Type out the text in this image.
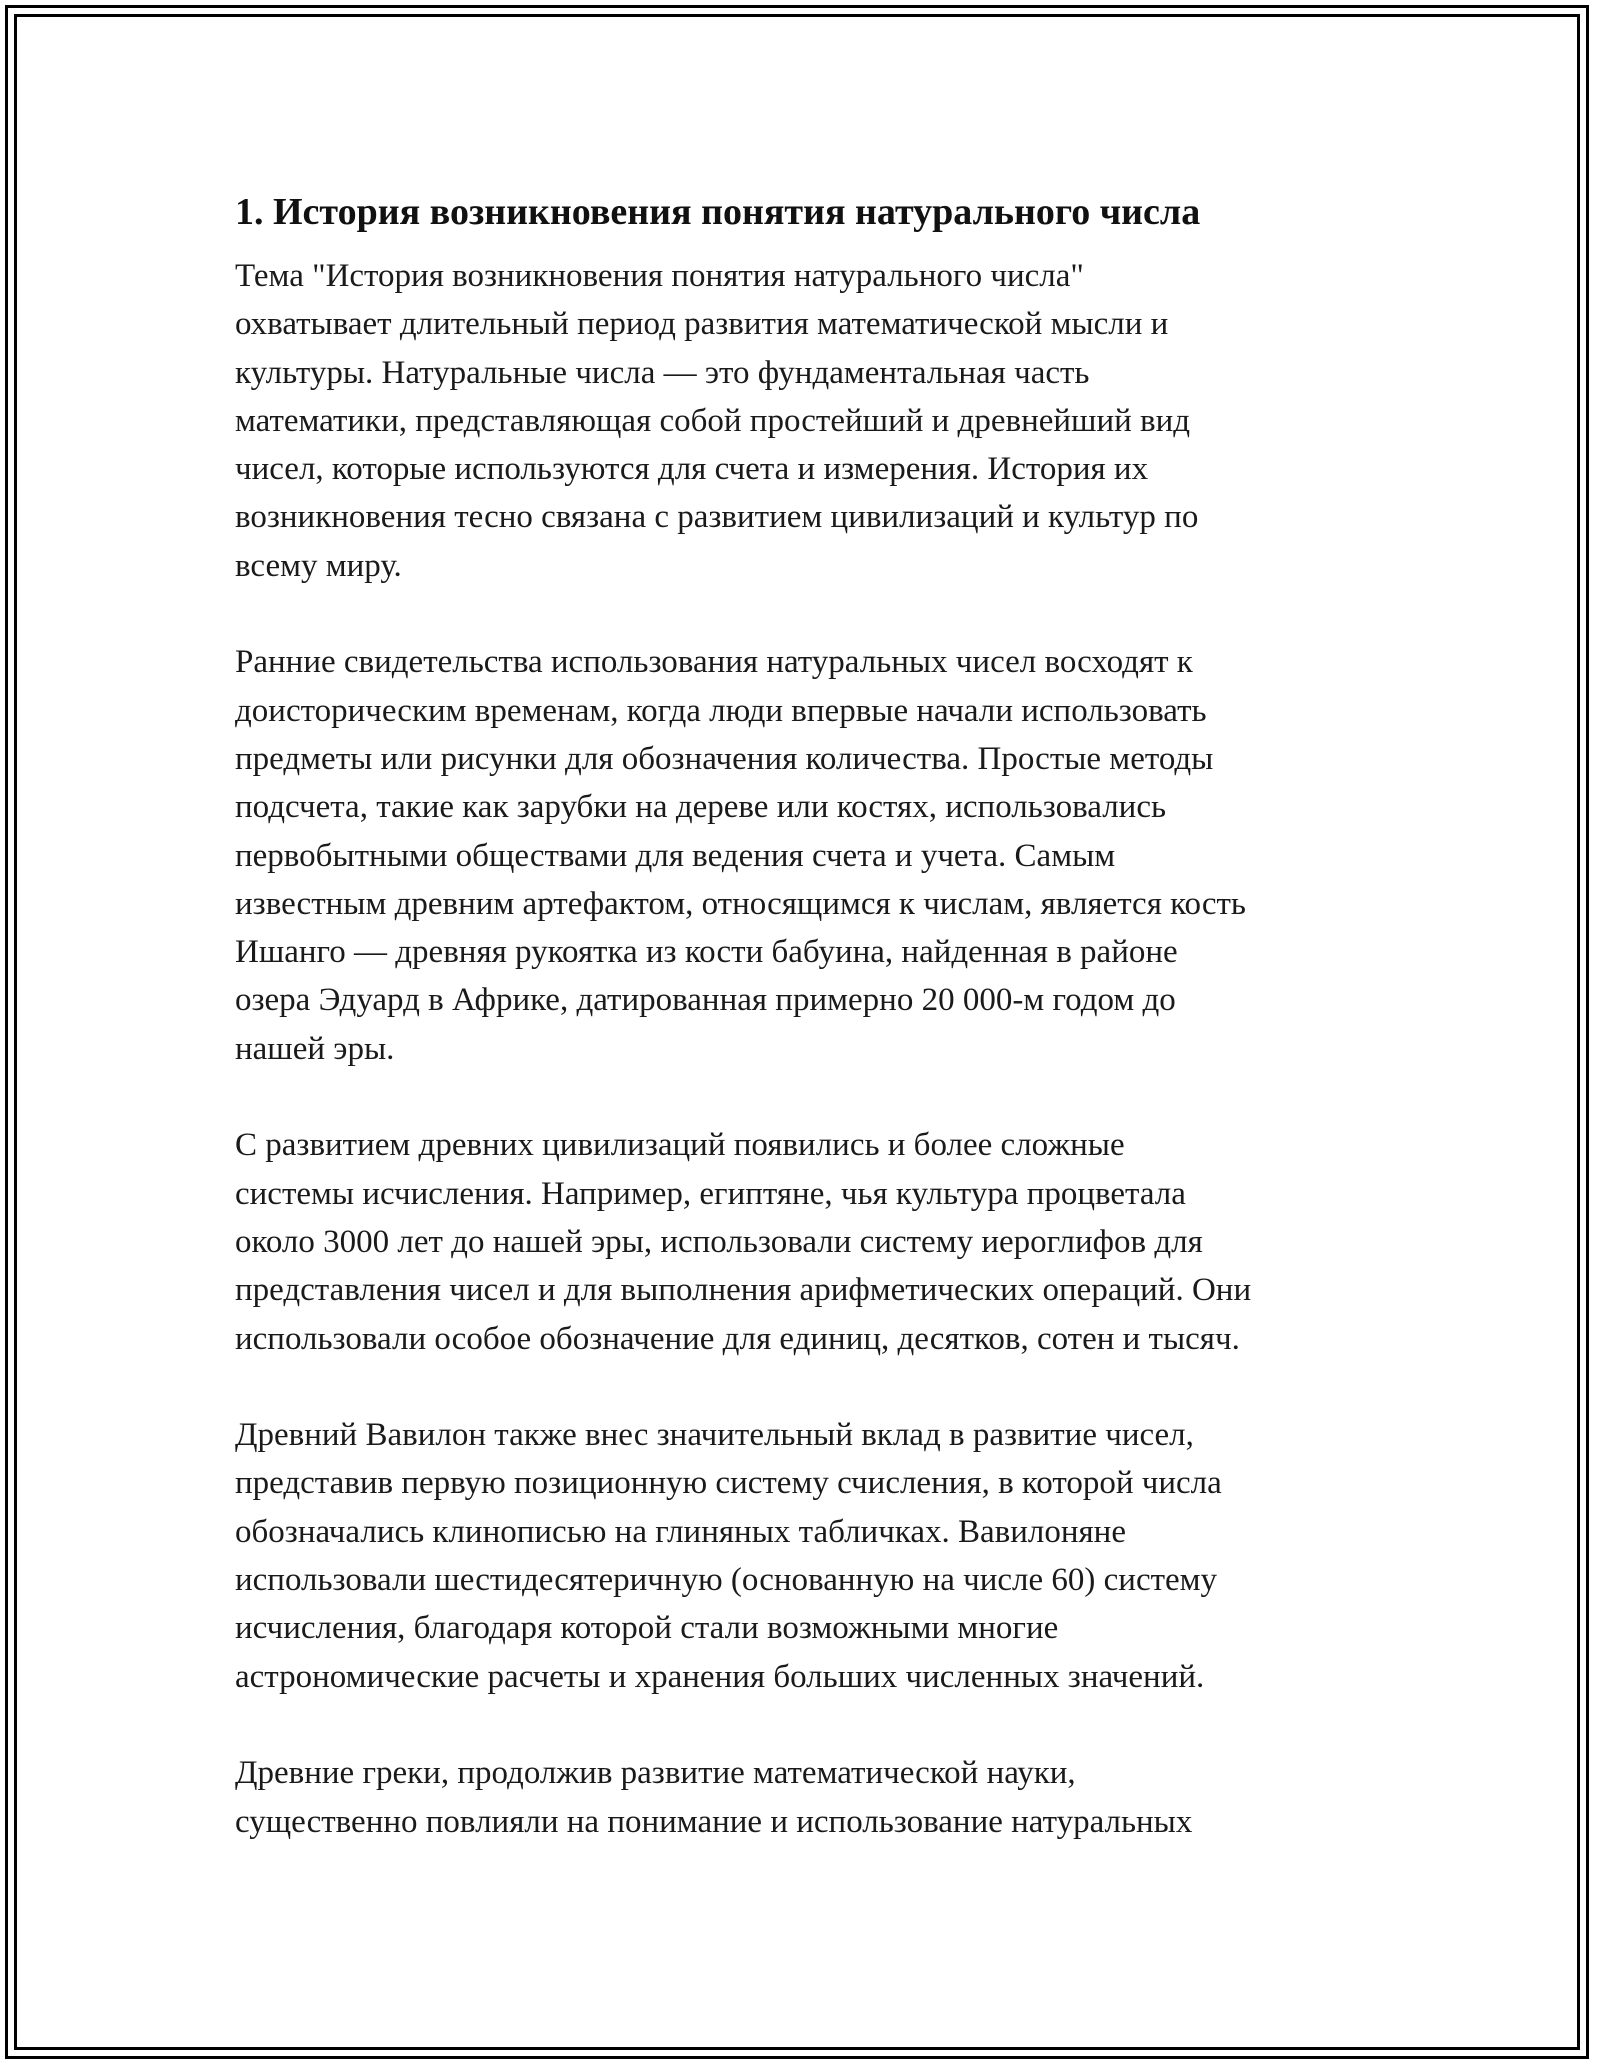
1. История возникновения понятия натурального числа

Тема "История возникновения понятия натурального числа"
охватывает длительный период развития математической мысли и
культуры. Натуральные числа — это фундаментальная часть
математики, представляющая собой простейший и древнейший вид
чисел, которые используются для счета и измерения. История их
возникновения тесно связана с развитием цивилизаций и культур по
всему миру.

Ранние свидетельства использования натуральных чисел восходят к
доисторическим временам, когда люди впервые начали использовать
предметы или рисунки для обозначения количества. Простые методы
подсчета, такие как зарубки на дереве или костях, использовались
первобытными обществами для ведения счета и учета. Самым
известным древним артефактом, относящимся к числам, является кость
Ишанго — древняя рукоятка из кости бабуина, найденная в районе
озера Эдуард в Африке, датированная примерно 20 000-м годом до
нашей эры.

С развитием древних цивилизаций появились и более сложные
системы исчисления. Например, египтяне, чья культура процветала
около 3000 лет до нашей эры, использовали систему иероглифов для
представления чисел и для выполнения арифметических операций. Они
использовали особое обозначение для единиц, десятков, сотен и тысяч.

Древний Вавилон также внес значительный вклад в развитие чисел,
представив первую позиционную систему счисления, в которой числа
обозначались клинописью на глиняных табличках. Вавилоняне
использовали шестидесятеричную (основанную на числе 60) систему
исчисления, благодаря которой стали возможными многие
астрономические расчеты и хранения больших численных значений.

Древние греки, продолжив развитие математической науки,
существенно повлияли на понимание и использование натуральных
